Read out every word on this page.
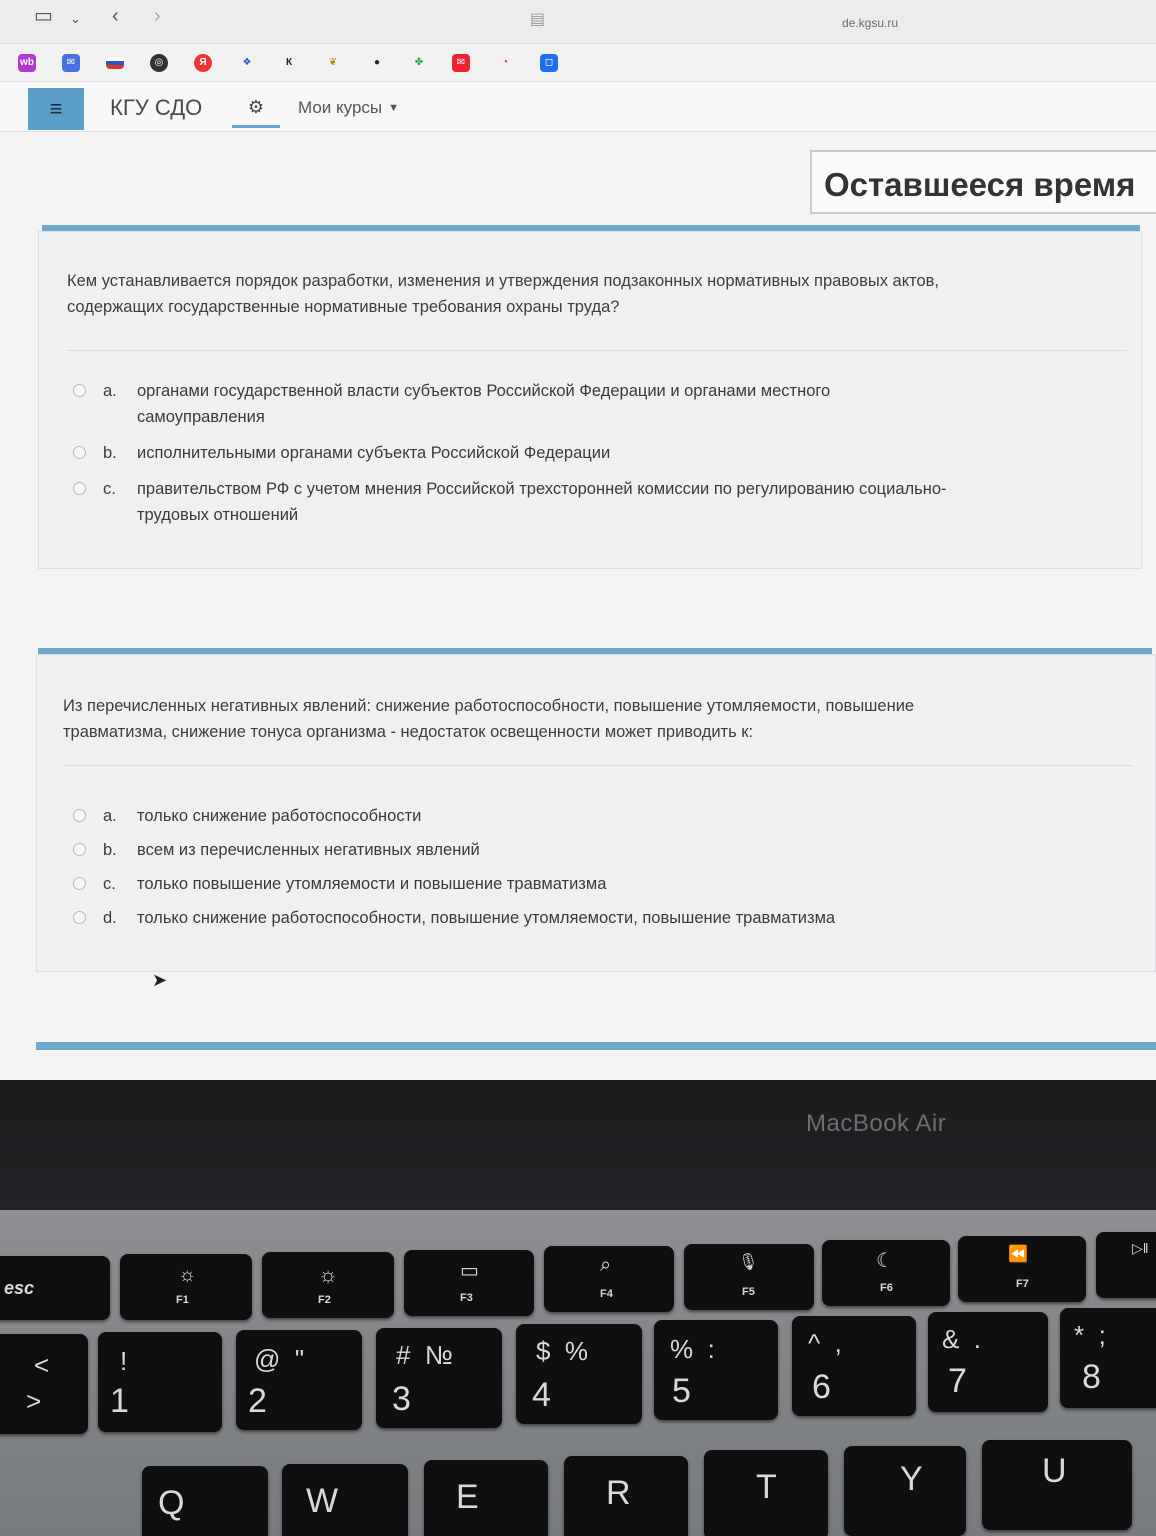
▭ ⌄ ‹ ›	▤	de.kgsu.ru
wb	✉	◎	Я	❖	К	❦	●	✤	✉	◔	◻
≡	КГУ СДО	⚙	Мои курсы ▼
Оставшееся время
Кем устанавливается порядок разработки, изменения и утверждения подзаконных нормативных правовых актов,
содержащих государственные нормативные требования охраны труда?
a.	органами государственной власти субъектов Российской Федерации и органами местного
самоуправления
b.	исполнительными органами субъекта Российской Федерации
c.	правительством РФ с учетом мнения Российской трехсторонней комиссии по регулированию социально-
трудовых отношений
Из перечисленных негативных явлений: снижение работоспособности, повышение утомляемости, повышение
травматизма, снижение тонуса организма - недостаток освещенности может приводить к:
a.	только снижение работоспособности
b.	всем из перечисленных негативных явлений
c.	только повышение утомляемости и повышение травматизма
d.	только снижение работоспособности, повышение утомляемости, повышение травматизма
➤
MacBook Air
esc
☼
F1
☼
F2
▭
F3
⌕
F4
🎙
F5
☾
F6
⏪
F7
▷‖
<
>
!
1
@  "
2
#  №
3
$  %
4
%  :
5
^  ,
6
&  .
7
*  ;
8
Q	W	E	R	T	Y	U
